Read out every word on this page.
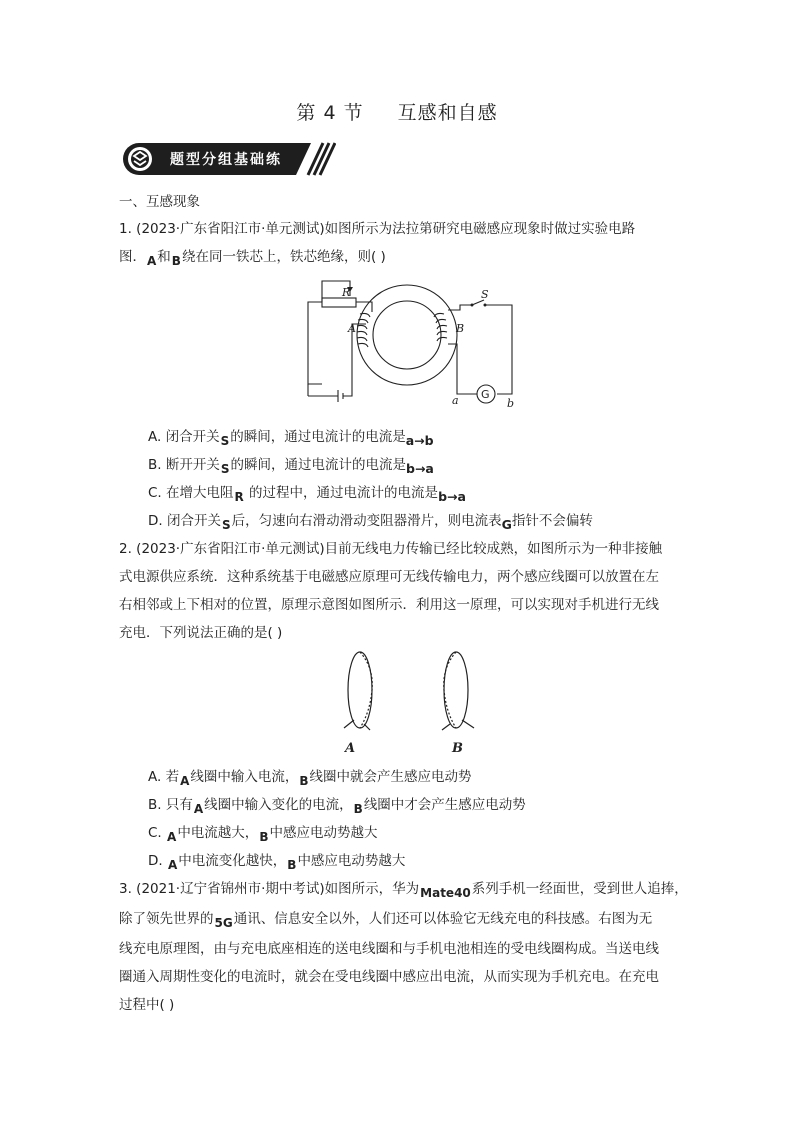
第 4 节 互感和自感
题型分组基础练
一、互感现象
1. (2023·广东省阳江市·单元测试)如图所示为法拉第研究电磁感应现象时做过实验电路
图．A和B绕在同一铁芯上，铁芯绝缘，则( )
R
A	B
S
a	b
G
A. 闭合开关S的瞬间，通过电流计的电流是a→b
B. 断开开关S的瞬间，通过电流计的电流是b→a
C. 在增大电阻R 的过程中，通过电流计的电流是b→a
D. 闭合开关S后，匀速向右滑动滑动变阻器滑片，则电流表G指针不会偏转
2. (2023·广东省阳江市·单元测试)目前无线电力传输已经比较成熟，如图所示为一种非接触
式电源供应系统．这种系统基于电磁感应原理可无线传输电力，两个感应线圈可以放置在左
右相邻或上下相对的位置，原理示意图如图所示．利用这一原理，可以实现对手机进行无线
充电．下列说法正确的是( )
A	B
A. 若A线圈中输入电流，B线圈中就会产生感应电动势
B. 只有A线圈中输入变化的电流，B线圈中才会产生感应电动势
C. A中电流越大，B中感应电动势越大
D. A中电流变化越快，B中感应电动势越大
3. (2021·辽宁省锦州市·期中考试)如图所示，华为Mate40系列手机一经面世，受到世人追捧，
除了领先世界的5G通讯、信息安全以外，人们还可以体验它无线充电的科技感。右图为无
线充电原理图，由与充电底座相连的送电线圈和与手机电池相连的受电线圈构成。当送电线
圈通入周期性变化的电流时，就会在受电线圈中感应出电流，从而实现为手机充电。在充电
过程中( )
